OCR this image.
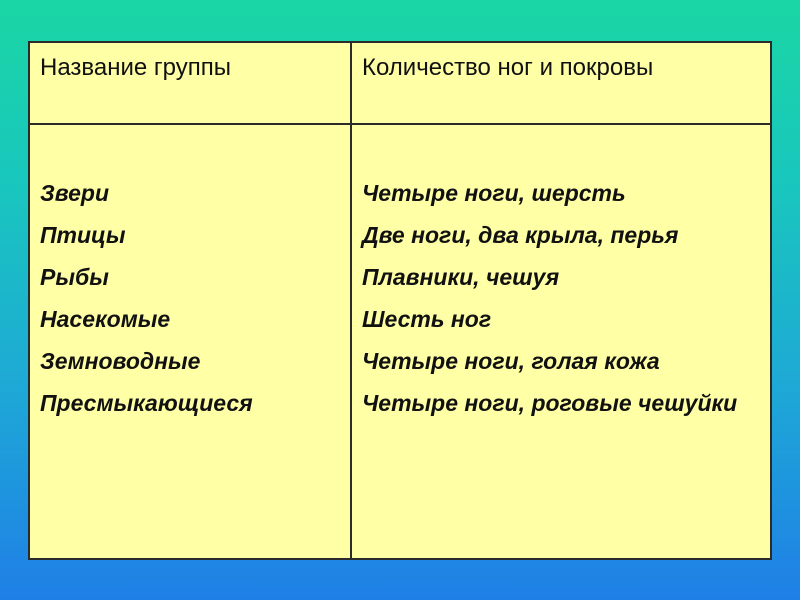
Название группы	Количество ног и покровы
Звери
Птицы
Рыбы
Насекомые
Земноводные
Пресмыкающиеся
Четыре ноги, шерсть
Две ноги, два крыла, перья
Плавники, чешуя
Шесть ног
Четыре ноги, голая кожа
Четыре ноги, роговые чешуйки
